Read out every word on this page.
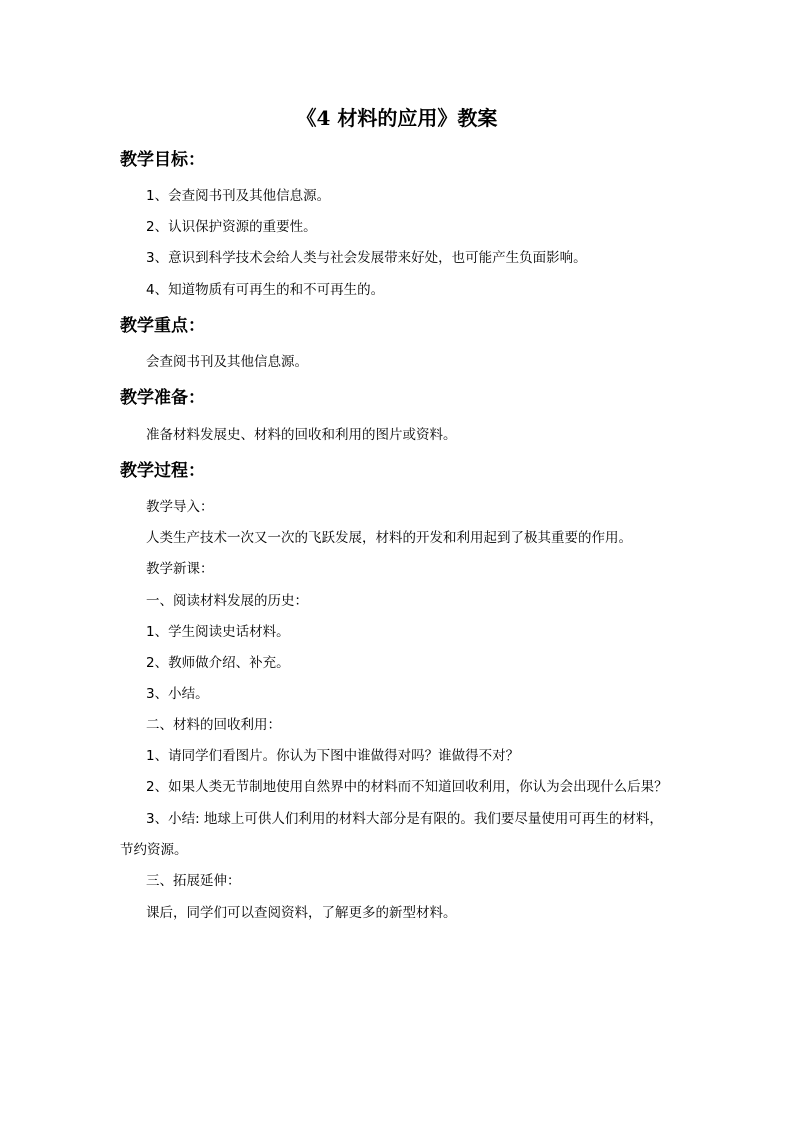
《4 材料的应用》教案
教学目标：
1、会查阅书刊及其他信息源。
2、认识保护资源的重要性。
3、意识到科学技术会给人类与社会发展带来好处，也可能产生负面影响。
4、知道物质有可再生的和不可再生的。
教学重点：
会查阅书刊及其他信息源。
教学准备：
准备材料发展史、材料的回收和利用的图片或资料。
教学过程：
教学导入：
人类生产技术一次又一次的飞跃发展，材料的开发和利用起到了极其重要的作用。
教学新课：
一、阅读材料发展的历史：
1、学生阅读史话材料。
2、教师做介绍、补充。
3、小结。
二、材料的回收利用：
1、请同学们看图片。你认为下图中谁做得对吗？谁做得不对？
2、如果人类无节制地使用自然界中的材料而不知道回收利用，你认为会出现什么后果？
3、小结: 地球上可供人们利用的材料大部分是有限的。我们要尽量使用可再生的材料，
节约资源。
三、拓展延伸：
课后，同学们可以查阅资料，了解更多的新型材料。
